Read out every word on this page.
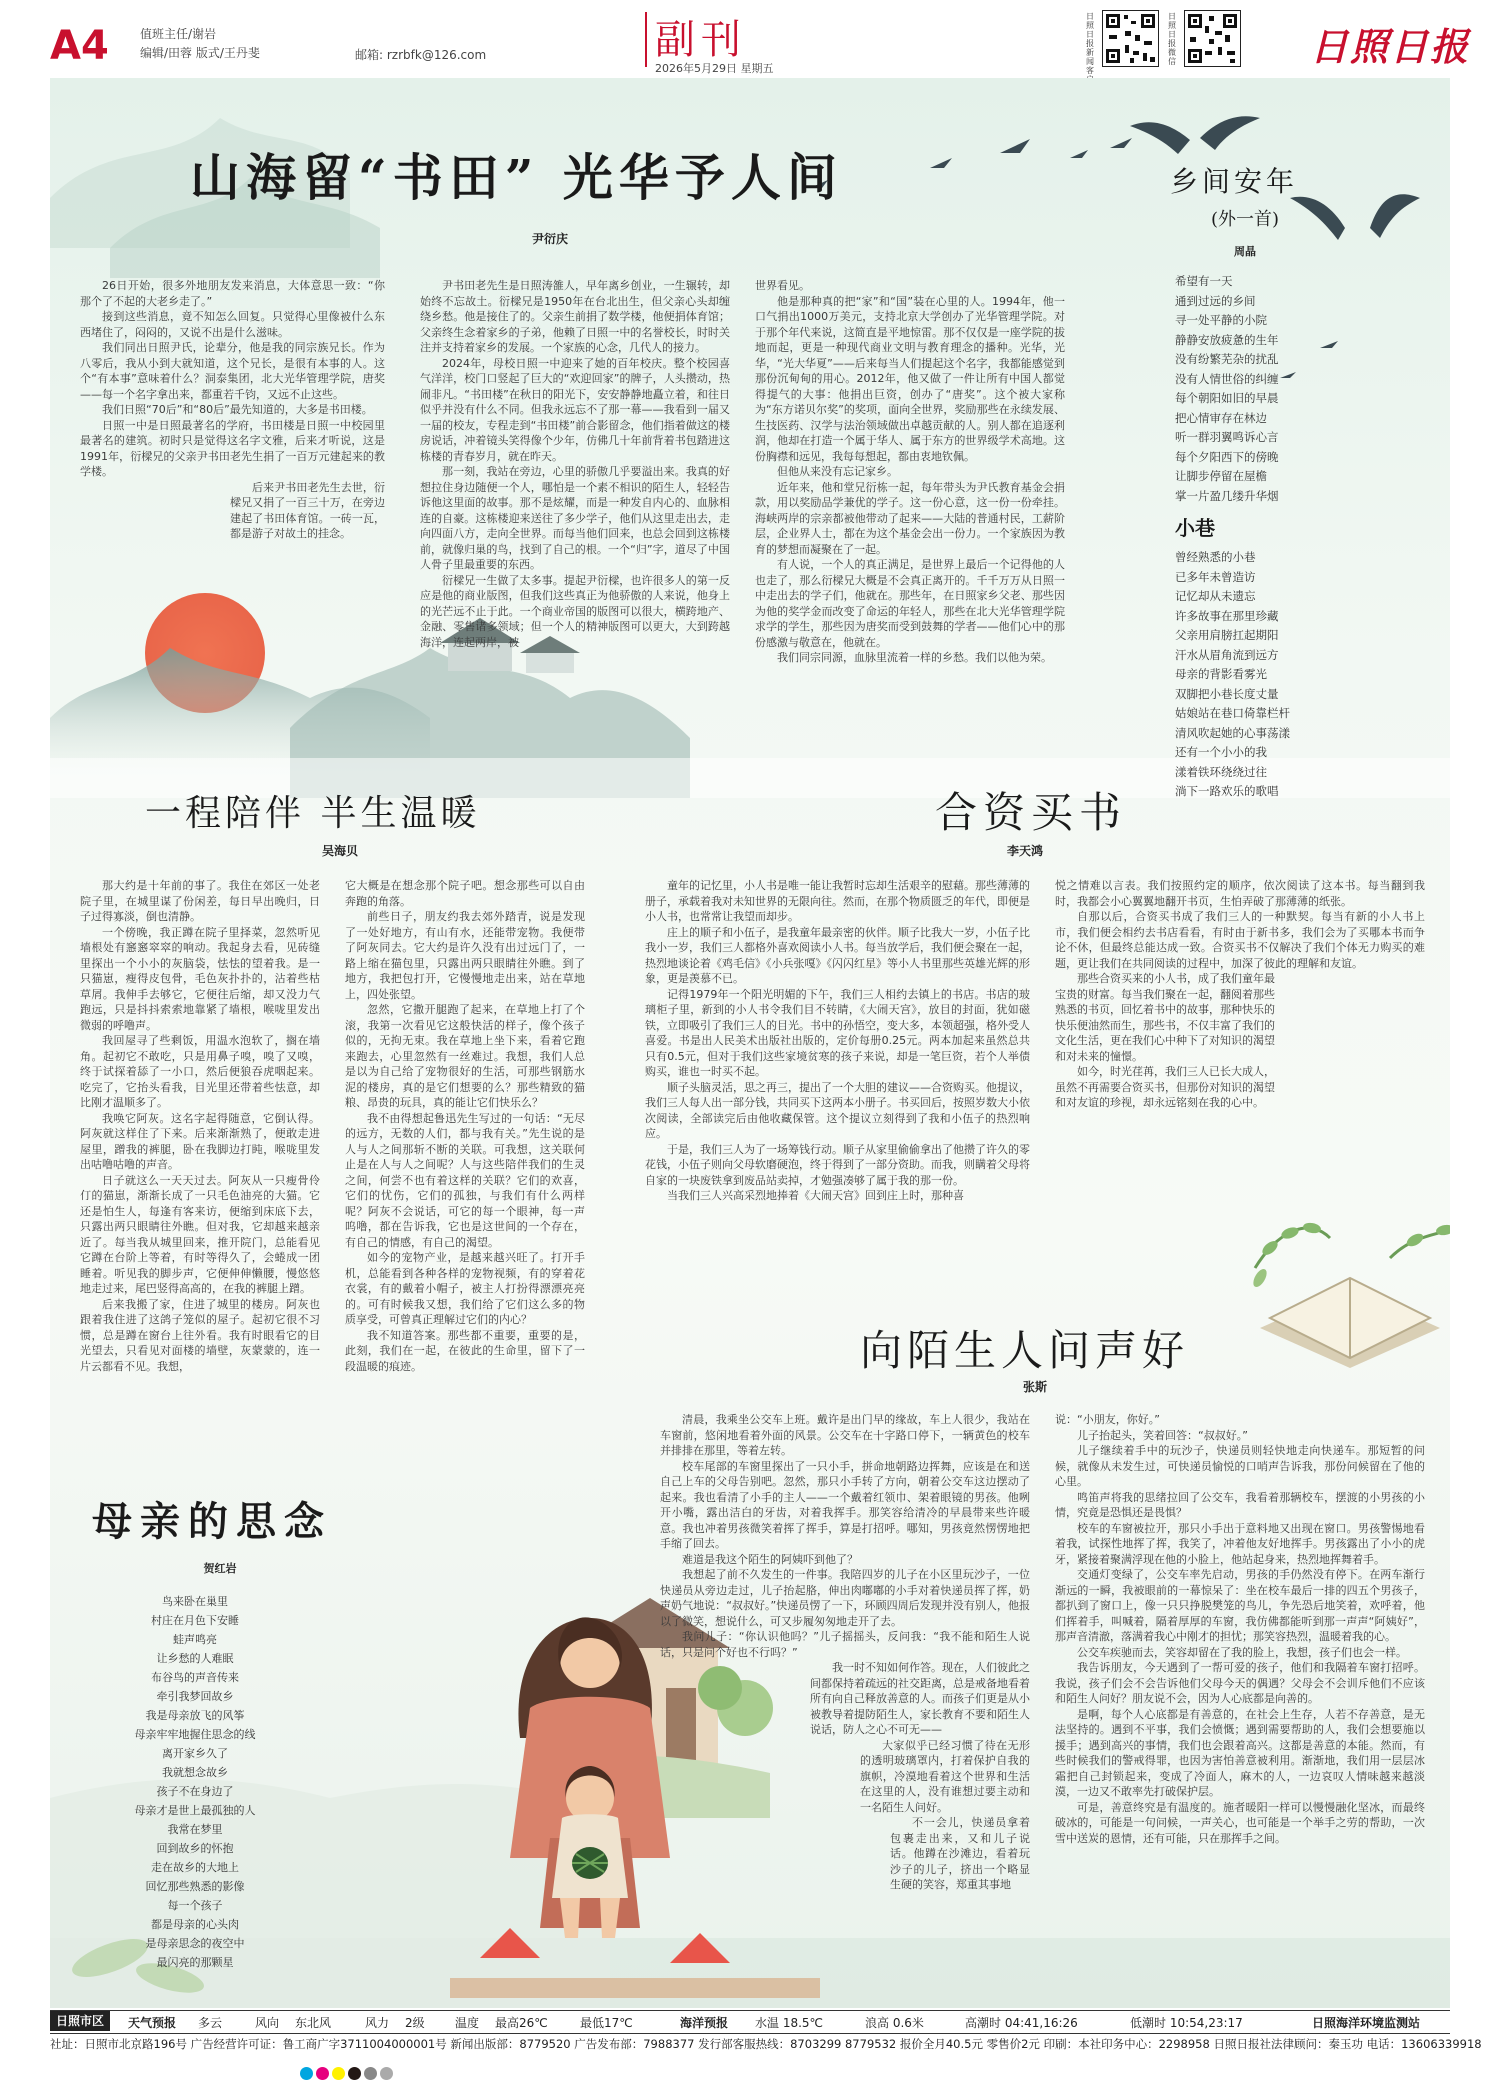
A4	值班主任/谢岩
编辑/田蓉 版式/王丹斐	邮箱: rzrbfk@126.com	副刊
2026年5月29日 星期五
日照日报新闻客
日照日报微信	日照日报
山海留“书田” 光华予人间
尹衍庆

26日开始，很多外地朋友发来消息，大体意思一致：“你那个了不起的大老乡走了。”

接到这些消息，竟不知怎么回复。只觉得心里像被什么东西堵住了，闷闷的，又说不出是什么滋味。

我们同出日照尹氏，论辈分，他是我的同宗族兄长。作为八零后，我从小到大就知道，这个兄长，是很有本事的人。这个“有本事”意味着什么？洞泰集团，北大光华管理学院，唐奖——每一个名字拿出来，都重若千钧，又远不止这些。

我们日照“70后”和“80后”最先知道的，大多是书田楼。

日照一中是日照最著名的学府，书田楼是日照一中校园里最著名的建筑。初时只是觉得这名字文雅，后来才听说，这是1991年，衍樑兄的父亲尹书田老先生捐了一百万元建起来的教学楼。

后来尹书田老先生去世，衍樑兄又捐了一百三十万，在旁边建起了书田体育馆。一砖一瓦，都是游子对故土的挂念。

尹书田老先生是日照涛雒人，早年离乡创业，一生辗转，却始终不忘故土。衍樑兄是1950年在台北出生，但父亲心头却缠绕乡愁。他是接住了的。父亲生前捐了数学楼，他便捐体育馆；父亲终生念着家乡的子弟，他赖了日照一中的名誉校长，时时关注并支持着家乡的发展。一个家族的心念，几代人的接力。

2024年，母校日照一中迎来了她的百年校庆。整个校园喜气洋洋，校门口竖起了巨大的“欢迎回家”的牌子，人头攒动，热闹非凡。“书田楼”在秋日的阳光下，安安静静地矗立着，和往日似乎并没有什么不同。但我永远忘不了那一幕——我看到一届又一届的校友，专程走到“书田楼”前合影留念，他们指着做这的楼房说话，冲着镜头笑得像个少年，仿佛几十年前背着书包踏进这栋楼的青春岁月，就在昨天。

那一刻，我站在旁边，心里的骄傲几乎要溢出来。我真的好想拉住身边随便一个人，哪怕是一个素不相识的陌生人，轻轻告诉他这里面的故事。那不是炫耀，而是一种发自内心的、血脉相连的自豪。这栋楼迎来送往了多少学子，他们从这里走出去，走向四面八方，走向全世界。而每当他们回来，也总会回到这栋楼前，就像归巢的鸟，找到了自己的根。一个“归”字，道尽了中国人骨子里最重要的东西。

衍樑兄一生做了太多事。提起尹衍樑，也许很多人的第一反应是他的商业版图，但我们这些真正为他骄傲的人来说，他身上的光芒远不止于此。一个商业帝国的版图可以很大，横跨地产、金融、零售诸多领域；但一个人的精神版图可以更大，大到跨越海洋，连起两岸，被

世界看见。

他是那种真的把“家”和“国”装在心里的人。1994年，他一口气捐出1000万美元，支持北京大学创办了光华管理学院。对于那个年代来说，这简直是平地惊雷。那不仅仅是一座学院的拔地而起，更是一种现代商业文明与教育理念的播种。光华，光华，“光大华夏”——后来每当人们提起这个名字，我都能感觉到那份沉甸甸的用心。2012年，他又做了一件让所有中国人都觉得提气的大事：他捐出巨资，创办了“唐奖”。这个被大家称为“东方诺贝尔奖”的奖项，面向全世界，奖励那些在永续发展、生技医药、汉学与法治领域做出卓越贡献的人。别人都在追逐利润，他却在打造一个属于华人、属于东方的世界级学术高地。这份胸襟和远见，我每每想起，都由衷地钦佩。

但他从来没有忘记家乡。

近年来，他和堂兄衍栋一起，每年带头为尹氏教育基金会捐款，用以奖励品学兼优的学子。这一份心意，这一份一份牵挂。海峡两岸的宗亲都被他带动了起来——大陆的普通村民，工薪阶层，企业界人士，都在为这个基金会出一份力。一个家族因为教育的梦想而凝聚在了一起。

有人说，一个人的真正满足，是世界上最后一个记得他的人也走了，那么衍樑兄大概是不会真正离开的。千千万万从日照一中走出去的学子们，他就在。那些年，在日照家乡父老、那些因为他的奖学金而改变了命运的年轻人，那些在北大光华管理学院求学的学生，那些因为唐奖而受到鼓舞的学者——他们心中的那份感激与敬意在，他就在。

我们同宗同源，血脉里流着一样的乡愁。我们以他为荣。

乡间安年
(外一首)
周晶
希望有一天
通到过远的乡间
寻一处平静的小院
静静安放疲惫的生年
没有纷繁芜杂的扰乱
没有人情世俗的纠缠
每个朝阳如旧的早晨
把心情审存在林边
听一群羽翼鸣诉心言
每个夕阳西下的傍晚
让脚步停留在屋檐
掌一片盈几缕升华烟
小巷
曾经熟悉的小巷
已多年未曾造访
记忆却从未遗忘
许多故事在那里珍藏
父亲用肩膀扛起期阳
汗水从眉角流到远方
母亲的背影看雾光
双脚把小巷长度丈量
姑娘站在巷口倚靠栏杆
清风吹起她的心事荡漾
还有一个小小的我
漾着铁环绕绕过往
淌下一路欢乐的歌唱
一程陪伴 半生温暖
吴海贝

那大约是十年前的事了。我住在郊区一处老院子里，在城里谋了份闲差，每日早出晚归，日子过得寡淡，倒也清静。

一个傍晚，我正蹲在院子里择菜，忽然听见墙根处有窸窸窣窣的响动。我起身去看，见砖缝里探出一个小小的灰脑袋，怯怯的望着我。是一只猫崽，瘦得皮包骨，毛色灰扑扑的，沾着些枯草屑。我伸手去够它，它便往后缩，却又没力气跑远，只是抖抖索索地靠紧了墙根，喉咙里发出微弱的呼噜声。

我回屋寻了些剩饭，用温水泡软了，搁在墙角。起初它不敢吃，只是用鼻子嗅，嗅了又嗅，终于试探着舔了一小口，然后便狼吞虎咽起来。吃完了，它抬头看我，目光里还带着些怯意，却比刚才温顺多了。

我唤它阿灰。这名字起得随意，它倒认得。阿灰就这样住了下来。后来渐渐熟了，便敢走进屋里，蹭我的裤腿，卧在我脚边打盹，喉咙里发出咕噜咕噜的声音。

日子就这么一天天过去。阿灰从一只瘦骨伶仃的猫崽，渐渐长成了一只毛色油亮的大猫。它还是怕生人，每逢有客来访，便缩到床底下去，只露出两只眼睛往外瞧。但对我，它却越来越亲近了。每当我从城里回来，推开院门，总能看见它蹲在台阶上等着，有时等得久了，会蜷成一团睡着。听见我的脚步声，它便伸伸懒腰，慢悠悠地走过来，尾巴竖得高高的，在我的裤腿上蹭。

后来我搬了家，住进了城里的楼房。阿灰也跟着我住进了这鸽子笼似的屋子。起初它很不习惯，总是蹲在窗台上往外看。我有时眼看它的目光望去，只看见对面楼的墙壁，灰蒙蒙的，连一片云都看不见。我想，

它大概是在想念那个院子吧。想念那些可以自由奔跑的角落。

前些日子，朋友约我去郊外踏青，说是发现了一处好地方，有山有水，还能带宠物。我便带了阿灰同去。它大约是许久没有出过远门了，一路上缩在猫包里，只露出两只眼睛往外瞧。到了地方，我把包打开，它慢慢地走出来，站在草地上，四处张望。

忽然，它撒开腿跑了起来，在草地上打了个滚，我第一次看见它这般快活的样子，像个孩子似的，无拘无束。我在草地上坐下来，看着它跑来跑去，心里忽然有一丝难过。我想，我们人总是以为自己给了宠物很好的生活，可那些钢筋水泥的楼房，真的是它们想要的么？那些精致的猫粮、昂贵的玩具，真的能让它们快乐么？

我不由得想起鲁迅先生写过的一句话：“无尽的远方，无数的人们，都与我有关。”先生说的是人与人之间那斩不断的关联。可我想，这关联何止是在人与人之间呢？人与这些陪伴我们的生灵之间，何尝不也有着这样的关联？它们的欢喜，它们的忧伤，它们的孤独，与我们有什么两样呢？阿灰不会说话，可它的每一个眼神，每一声呜噜，都在告诉我，它也是这世间的一个存在，有自己的情感，有自己的渴望。

如今的宠物产业，是越来越兴旺了。打开手机，总能看到各种各样的宠物视频，有的穿着花衣裳，有的戴着小帽子，被主人打扮得漂漂亮亮的。可有时候我又想，我们给了它们这么多的物质享受，可曾真正理解过它们的内心？

我不知道答案。那些都不重要，重要的是，此刻，我们在一起，在彼此的生命里，留下了一段温暖的痕迹。

合资买书
李天鸿

童年的记忆里，小人书是唯一能让我暂时忘却生活艰辛的慰藉。那些薄薄的册子，承载着我对未知世界的无限向往。然而，在那个物质匮乏的年代，即便是小人书，也常常让我望而却步。

庄上的顺子和小伍子，是我童年最亲密的伙伴。顺子比我大一岁，小伍子比我小一岁，我们三人都格外喜欢阅读小人书。每当放学后，我们便会聚在一起，热烈地谈论着《鸡毛信》《小兵张嘎》《闪闪红星》等小人书里那些英雄光辉的形象，更是羡慕不已。

记得1979年一个阳光明媚的下午，我们三人相约去镇上的书店。书店的玻璃柜子里，新到的小人书令我们目不转睛，《大闹天宫》，放目的封面，犹如磁铁，立即吸引了我们三人的目光。书中的孙悟空，变大多，本领超强，格外受人喜爱。书是出人民美术出版社出版的，定价每册0.25元。两本加起来虽然总共只有0.5元，但对于我们这些家境贫寒的孩子来说，却是一笔巨资，若个人举债购买，谁也一时买不起。

顺子头脑灵活，思之再三，提出了一个大胆的建议——合资购买。他提议，我们三人每人出一部分钱，共同买下这两本小册子。书买回后，按照岁数大小依次阅读，全部读完后由他收藏保管。这个提议立刻得到了我和小伍子的热烈响应。

于是，我们三人为了一场筹钱行动。顺子从家里偷偷拿出了他攒了许久的零花钱，小伍子则向父母软磨硬泡，终于得到了一部分资助。而我，则瞒着父母将自家的一块废铁拿到废品站卖掉，才勉强凑够了属于我的那一份。

当我们三人兴高采烈地捧着《大闹天宫》回到庄上时，那种喜

悦之情难以言表。我们按照约定的顺序，依次阅读了这本书。每当翻到我时，我都会小心翼翼地翻开书页，生怕弄破了那薄薄的纸张。

自那以后，合资买书成了我们三人的一种默契。每当有新的小人书上市，我们便会相约去书店看看，有时由于新书多，我们会为了买哪本书而争论不休，但最终总能达成一致。合资买书不仅解决了我们个体无力购买的难题，更让我们在共同阅读的过程中，加深了彼此的理解和友谊。

那些合资买来的小人书，成了我们童年最宝贵的财富。每当我们聚在一起，翻阅着那些熟悉的书页，回忆着书中的故事，那种快乐的快乐便油然而生，那些书，不仅丰富了我们的文化生活，更在我们心中种下了对知识的渴望和对未来的憧憬。

如今，时光荏苒，我们三人已长大成人，虽然不再需要合资买书，但那份对知识的渴望和对友谊的珍视，却永远铭刻在我的心中。

向陌生人问声好
张斯

清晨，我乘坐公交车上班。戴许是出门早的缘故，车上人很少，我站在车窗前，悠闲地看着外面的风景。公交车在十字路口停下，一辆黄色的校车并排排在那里，等着左转。

校车尾部的车窗里探出了一只小手，拼命地朝路边挥舞，应该是在和送自己上车的父母告别吧。忽然，那只小手转了方向，朝着公交车这边摆动了起来。我也看清了小手的主人——一个戴着红领巾、架着眼镜的男孩。他咧开小嘴，露出洁白的牙齿，对着我挥手。那笑容给清冷的早晨带来些许暖意。我也冲着男孩微笑着挥了挥手，算是打招呼。哪知，男孩竟然愣愣地把手缩了回去。

难道是我这个陌生的阿姨吓到他了？

我想起了前不久发生的一件事。我陪四岁的儿子在小区里玩沙子，一位快递员从旁边走过，儿子抬起胳，伸出肉嘟嘟的小手对着快递员挥了挥，奶声奶气地说：“叔叔好。”快递员愣了一下，环顾四周后发现并没有别人，他报以了微笑，想说什么，可又步履匆匆地走开了去。

我问儿子：“你认识他吗？”儿子摇摇头，反问我：“我不能和陌生人说话，只是问个好也不行吗？”

我一时不知如何作答。现在，人们彼此之间都保持着疏远的社交距离，总是戒备地看着所有向自己释放善意的人。而孩子们更是从小被教导着提防陌生人，家长教育不要和陌生人说话，防人之心不可无——

大家似乎已经习惯了待在无形的透明玻璃罩内，打着保护自我的旗帜，冷漠地看着这个世界和生活在这里的人，没有谁想过要主动和一名陌生人问好。

不一会儿，快递员拿着包裹走出来，又和儿子说话。他蹲在沙滩边，看着玩沙子的儿子，挤出一个略显生硬的笑容，郑重其事地

说：“小朋友，你好。”

儿子抬起头，笑着回答：“叔叔好。”

儿子继续着手中的玩沙子，快递员则轻快地走向快递车。那短暂的问候，就像从未发生过，可快递员愉悦的口哨声告诉我，那份问候留在了他的心里。

鸣笛声将我的思绪拉回了公交车，我看着那辆校车，摆渡的小男孩的小情，究竟是恐惧还是畏惧？

校车的车窗被拉开，那只小手出于意料地又出现在窗口。男孩警惕地看着我，试探性地挥了挥，我笑了，冲着他友好地挥手。男孩露出了小小的虎牙，紧接着聚满浮现在他的小脸上，他站起身来，热烈地挥舞着手。

交通灯变绿了，公交车率先启动，男孩的手仍然没有停下。在两车渐行渐远的一瞬，我被眼前的一幕惊呆了：坐在校车最后一排的四五个男孩子，都扒到了窗口上，像一只只挣脱樊笼的鸟儿，争先恐后地笑着，欢呼着，他们挥着手，叫喊着，隔着厚厚的车窗，我仿佛都能听到那一声声“阿姨好”，那声音清澈，落满着我心中刚才的担忧；那笑容热烈，温暖着我的心。

公交车疾驰而去，笑容却留在了我的脸上，我想，孩子们也会一样。

我告诉朋友，今天遇到了一帮可爱的孩子，他们和我隔着车窗打招呼。我说，孩子们会不会告诉他们父母今天的偶遇？父母会不会训斥他们不应该和陌生人问好？朋友说不会，因为人心底都是向善的。

是啊，每个人心底都是有善意的，在社会上生存，人若不存善意，是无法坚持的。遇到不平事，我们会愤慨；遇到需要帮助的人，我们会想要施以援手；遇到高兴的事情，我们也会跟着高兴。这都是善意的本能。然而，有些时候我们的警戒得罪，也因为害怕善意被利用。渐渐地，我们用一层层冰霜把自己封锁起来，变成了冷面人，麻木的人，一边哀叹人情味越来越淡漠，一边又不敢率先打破保护层。

可是，善意终究是有温度的。施者暖阳一样可以慢慢融化坚冰，而最终破冰的，可能是一句问候，一声关心，也可能是一个举手之劳的帮助，一次雪中送炭的恩情，还有可能，只在那挥手之间。

母亲的思念
贺红岩
鸟来卧在巢里
村庄在月色下安睡
蛙声鸣亮
让乡愁的人难眠
布谷鸟的声音传来
牵引我梦回故乡
我是母亲放飞的风筝
母亲牢牢地握住思念的线
离开家乡久了
我就想念故乡
孩子不在身边了
母亲才是世上最孤独的人
我常在梦里
回到故乡的怀抱
走在故乡的大地上
回忆那些熟悉的影像
每一个孩子
都是母亲的心头肉
是母亲思念的夜空中
最闪亮的那颗星
日照市区	天气预报 多云	风向 东北风	风力 2级	温度 最高26℃	最低17℃	海洋预报 水温 18.5℃	浪高 0.6米	高潮时 04:41,16:26	低潮时 10:54,23:17	日照海洋环境监测站
社址：日照市北京路196号 广告经营许可证：鲁工商广字3711004000001号 新闻出版部：8779520 广告发布部：7988377 发行部客服热线：8703299 8779532 报价全月40.5元 零售价2元 印刷：本社印务中心：2298958 日照日报社法律顾问：秦玉功 电话：13606339918
